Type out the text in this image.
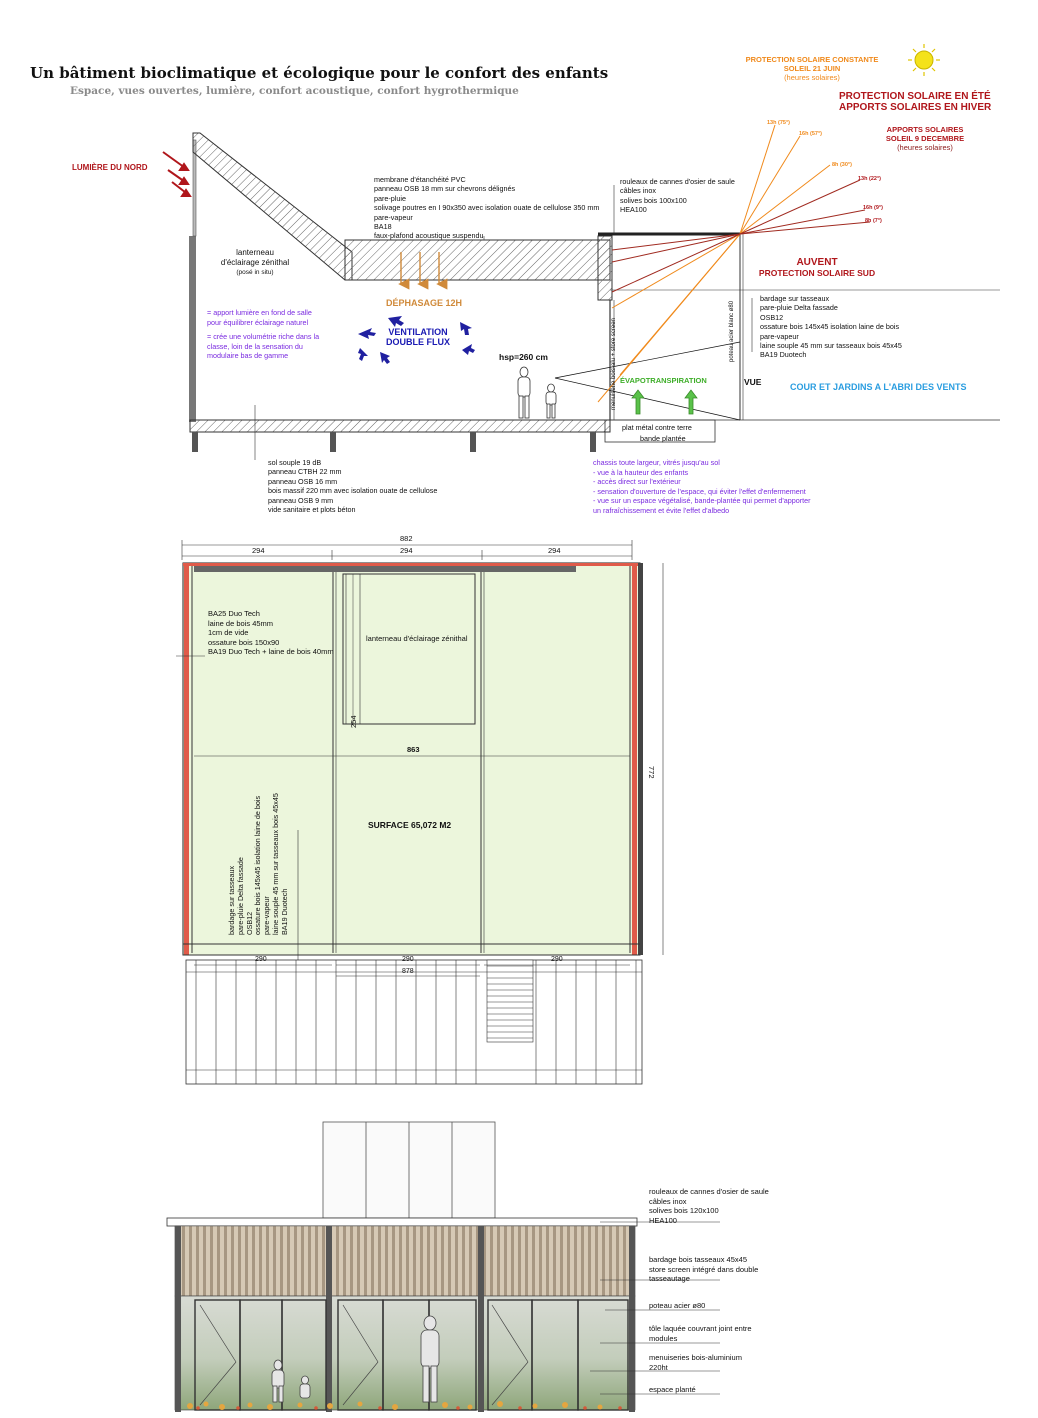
Un bâtiment bioclimatique et écologique pour le confort des enfants
Espace, vues ouvertes, lumière, confort acoustique, confort hygrothermique
PROTECTION SOLAIRE CONSTANTE
SOLEIL 21 JUIN
(heures solaires)
PROTECTION SOLAIRE EN ÉTÉ
APPORTS SOLAIRES EN HIVER
APPORTS SOLAIRES
SOLEIL 9 DECEMBRE
(heures solaires)
13h (75°)
16h (57°)
8h (30°)
13h (22°)
16h (9°)
8h (7°)
LUMIÈRE DU NORD
lanterneau
d'éclairage zénithal
(posé in situ)
membrane d'étanchéité PVC
panneau OSB 18 mm sur chevrons délignés
pare-pluie
solivage poutres en I 90x350 avec isolation ouate de cellulose 350 mm
pare-vapeur
BA18
faux-plafond acoustique suspendu
rouleaux de cannes d'osier de saule
câbles inox
solives bois 100x100
HEA100
AUVENT
PROTECTION SOLAIRE SUD
bardage sur tasseaux
pare-pluie Delta fassade
OSB12
ossature bois 145x45 isolation laine de bois
pare-vapeur
laine souple 45 mm sur tasseaux bois 45x45
BA19 Duotech
= apport lumière en fond de salle
pour équilibrer éclairage naturel
= crée une volumétrie riche dans la
classe, loin de la sensation du
modulaire bas de gamme
DÉPHASAGE 12H
VENTILATION
DOUBLE FLUX
hsp=260 cm
ÉVAPOTRANSPIRATION	VUE	COUR ET JARDINS A L'ABRI DES VENTS
plat métal contre terre
bande plantée
poteau acier blanc ø80
menuiserie bois-alu + store screen
sol souple 19 dB
panneau CTBH 22 mm
panneau OSB 16 mm
bois massif 220 mm avec isolation ouate de cellulose
panneau OSB 9 mm
vide sanitaire et plots béton
chassis toute largeur, vitrés jusqu'au sol
- vue à la hauteur des enfants
- accès direct sur l'extérieur
- sensation d'ouverture de l'espace, qui éviter l'effet d'enfermement
- vue sur un espace végétalisé, bande-plantée qui permet d'apporter
un rafraîchissement et évite l'effet d'albedo
882
294	294	294
BA25 Duo Tech
laine de bois 45mm
1cm de vide
ossature bois 150x90
BA19 Duo Tech + laine de bois 40mm
lanterneau d'éclairage zénithal
254
863
772
SURFACE 65,072 M2
bardage sur tasseaux pare-pluie Delta fassade OSB12 ossature bois 145x45 isolation laine de bois pare-vapeur laine souple 45 mm sur tasseaux bois 45x45 BA19 Duotech
290	290	290
878
rouleaux de cannes d'osier de saule
câbles inox
solives bois 120x100
HEA100
bardage bois tasseaux 45x45
store screen intégré dans double
tasseautage
poteau acier ø80
tôle laquée couvrant joint entre
modules
menuiseries bois-aluminium
220ht
espace planté
